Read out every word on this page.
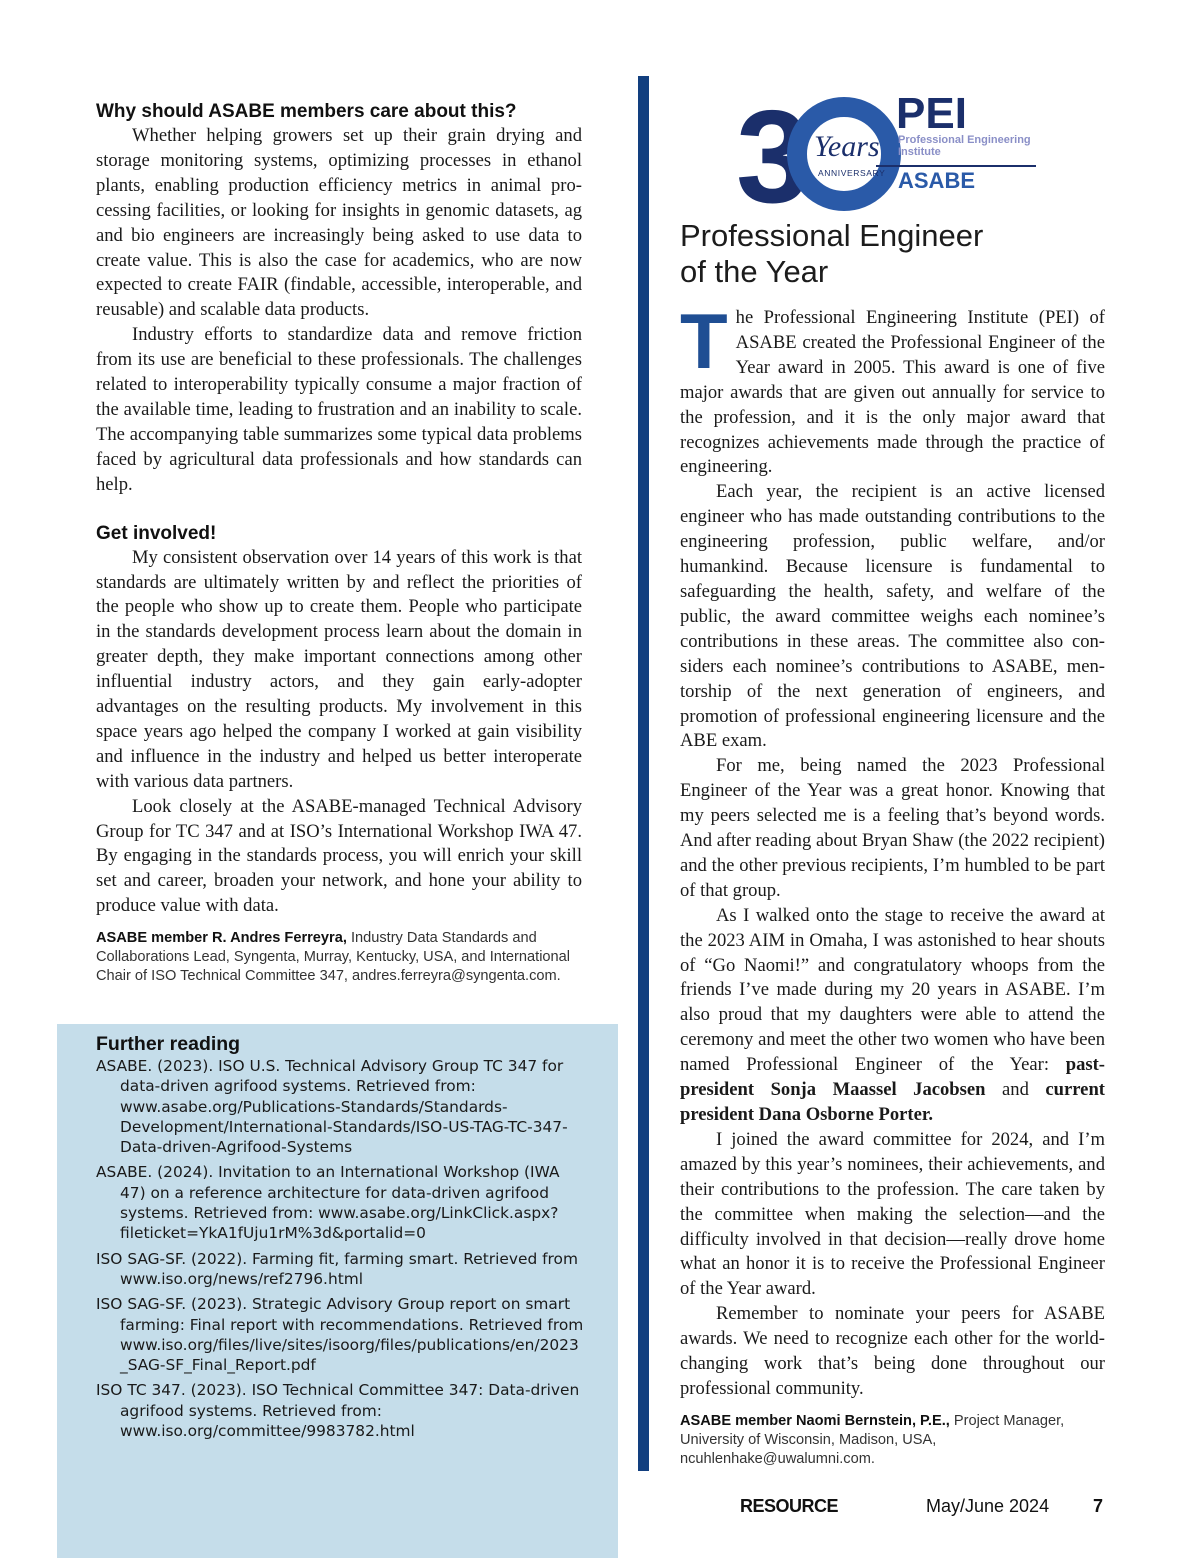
Why should ASABE members care about this?

Whether helping growers set up their grain drying and storage monitoring systems, optimizing processes in ethanol plants, enabling production efficiency metrics in animal processing facilities, or looking for insights in genomic datasets, ag and bio engineers are increasingly being asked to use data to create value. This is also the case for academics, who are now expected to create FAIR (findable, accessible, interoperable, and reusable) and scalable data products.

Industry efforts to standardize data and remove friction from its use are beneficial to these professionals. The challenges related to interoperability typically consume a major fraction of the available time, leading to frustration and an inability to scale. The accompanying table summarizes some typical data problems faced by agricultural data professionals and how standards can help.

Get involved!

My consistent observation over 14 years of this work is that standards are ultimately written by and reflect the priorities of the people who show up to create them. People who participate in the standards development process learn about the domain in greater depth, they make important connections among other influential industry actors, and they gain early-adopter advantages on the resulting products. My involvement in this space years ago helped the company I worked at gain visibility and influence in the industry and helped us better interoperate with various data partners.

Look closely at the ASABE-managed Technical Advisory Group for TC 347 and at ISO’s International Workshop IWA 47. By engaging in the standards process, you will enrich your skill set and career, broaden your network, and hone your ability to produce value with data.

ASABE member R. Andres Ferreyra, Industry Data Standards and Collaborations Lead, Syngenta, Murray, Kentucky, USA, and International Chair of ISO Technical Committee 347, andres.ferreyra@syngenta.com.

Further reading

ASABE. (2023). ISO U.S. Technical Advisory Group TC 347 for data-driven agrifood systems. Retrieved from: www.asabe.org/Publications-Standards/Standards-Development/International-Standards/ISO-US-TAG-TC-347-Data-driven-Agrifood-Systems

ASABE. (2024). Invitation to an International Workshop (IWA 47) on a reference architecture for data-driven agrifood systems. Retrieved from: www.asabe.org/LinkClick.aspx?fileticket=YkA1fUju1rM%3d&portalid=0

ISO SAG-SF. (2022). Farming fit, farming smart. Retrieved from www.iso.org/news/ref2796.html

ISO SAG-SF. (2023). Strategic Advisory Group report on smart farming: Final report with recommendations. Retrieved from www.iso.org/files/live/sites/isoorg/files/publications/en/2023_SAG-SF_Final_Report.pdf

ISO TC 347. (2023). ISO Technical Committee 347: Data-driven agrifood systems. Retrieved from: www.iso.org/committee/9983782.html

3 Years
ANNIVERSARY
PEI
Professional Engineering
Institute
ASABE
Professional Engineer
of the Year

The Professional Engineering Institute (PEI) of ASABE created the Professional Engineer of the Year award in 2005. This award is one of five major awards that are given out annually for service to the profession, and it is the only major award that recognizes achievements made through the practice of engineering.

Each year, the recipient is an active licensed engineer who has made outstanding contributions to the engineering profession, public welfare, and/or humankind. Because licensure is fundamental to safeguarding the health, safety, and welfare of the public, the award committee weighs each nominee’s contributions in these areas. The committee also considers each nominee’s contributions to ASABE, mentorship of the next generation of engineers, and promotion of professional engineering licensure and the ABE exam.

For me, being named the 2023 Professional Engineer of the Year was a great honor. Knowing that my peers selected me is a feeling that’s beyond words. And after reading about Bryan Shaw (the 2022 recipient) and the other previous recipients, I’m humbled to be part of that group.

As I walked onto the stage to receive the award at the 2023 AIM in Omaha, I was astonished to hear shouts of “Go Naomi!” and congratulatory whoops from the friends I’ve made during my 20 years in ASABE. I’m also proud that my daughters were able to attend the ceremony and meet the other two women who have been named Professional Engineer of the Year: past-president Sonja Maassel Jacobsen and current president Dana Osborne Porter.

I joined the award committee for 2024, and I’m amazed by this year’s nominees, their achievements, and their contributions to the profession. The care taken by the committee when making the selection—and the difficulty involved in that decision—really drove home what an honor it is to receive the Professional Engineer of the Year award.

Remember to nominate your peers for ASABE awards. We need to recognize each other for the world-changing work that’s being done throughout our professional community.

ASABE member Naomi Bernstein, P.E., Project Manager, University of Wisconsin, Madison, USA, ncuhlenhake@uwalumni.com.

RESOURCE	May/June 2024 7
